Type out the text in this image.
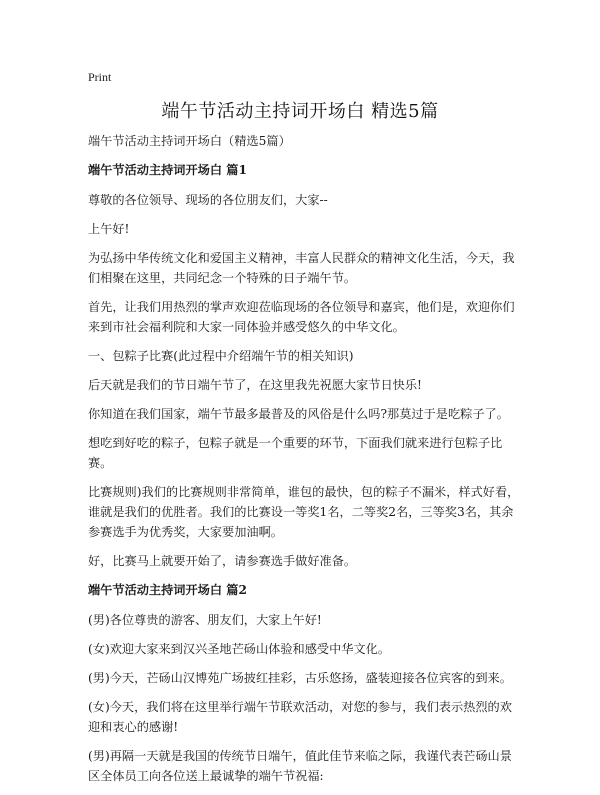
Print
端午节活动主持词开场白 精选5篇

端午节活动主持词开场白（精选5篇）

端午节活动主持词开场白 篇1

尊敬的各位领导、现场的各位朋友们，大家--

上午好!

为弘扬中华传统文化和爱国主义精神，丰富人民群众的精神文化生活，今天，我们相聚在这里，共同纪念一个特殊的日子端午节。

首先，让我们用热烈的掌声欢迎莅临现场的各位领导和嘉宾，他们是，欢迎你们来到市社会福利院和大家一同体验并感受悠久的中华文化。

一、包粽子比赛(此过程中介绍端午节的相关知识)

后天就是我们的节日端午节了，在这里我先祝愿大家节日快乐!

你知道在我们国家，端午节最多最普及的风俗是什么吗?那莫过于是吃粽子了。

想吃到好吃的粽子，包粽子就是一个重要的环节，下面我们就来进行包粽子比赛。

比赛规则)我们的比赛规则非常简单，谁包的最快，包的粽子不漏米，样式好看，谁就是我们的优胜者。我们的比赛设一等奖1名，二等奖2名，三等奖3名，其余参赛选手为优秀奖，大家要加油啊。

好，比赛马上就要开始了，请参赛选手做好准备。

端午节活动主持词开场白 篇2

(男)各位尊贵的游客、朋友们，大家上午好!

(女)欢迎大家来到汉兴圣地芒砀山体验和感受中华文化。

(男)今天，芒砀山汉博苑广场披红挂彩，古乐悠扬，盛装迎接各位宾客的到来。

(女)今天，我们将在这里举行端午节联欢活动，对您的参与，我们表示热烈的欢迎和衷心的感谢!

(男)再隔一天就是我国的传统节日端午，值此佳节来临之际，我谨代表芒砀山景区全体员工向各位送上最诚挚的端午节祝福:
